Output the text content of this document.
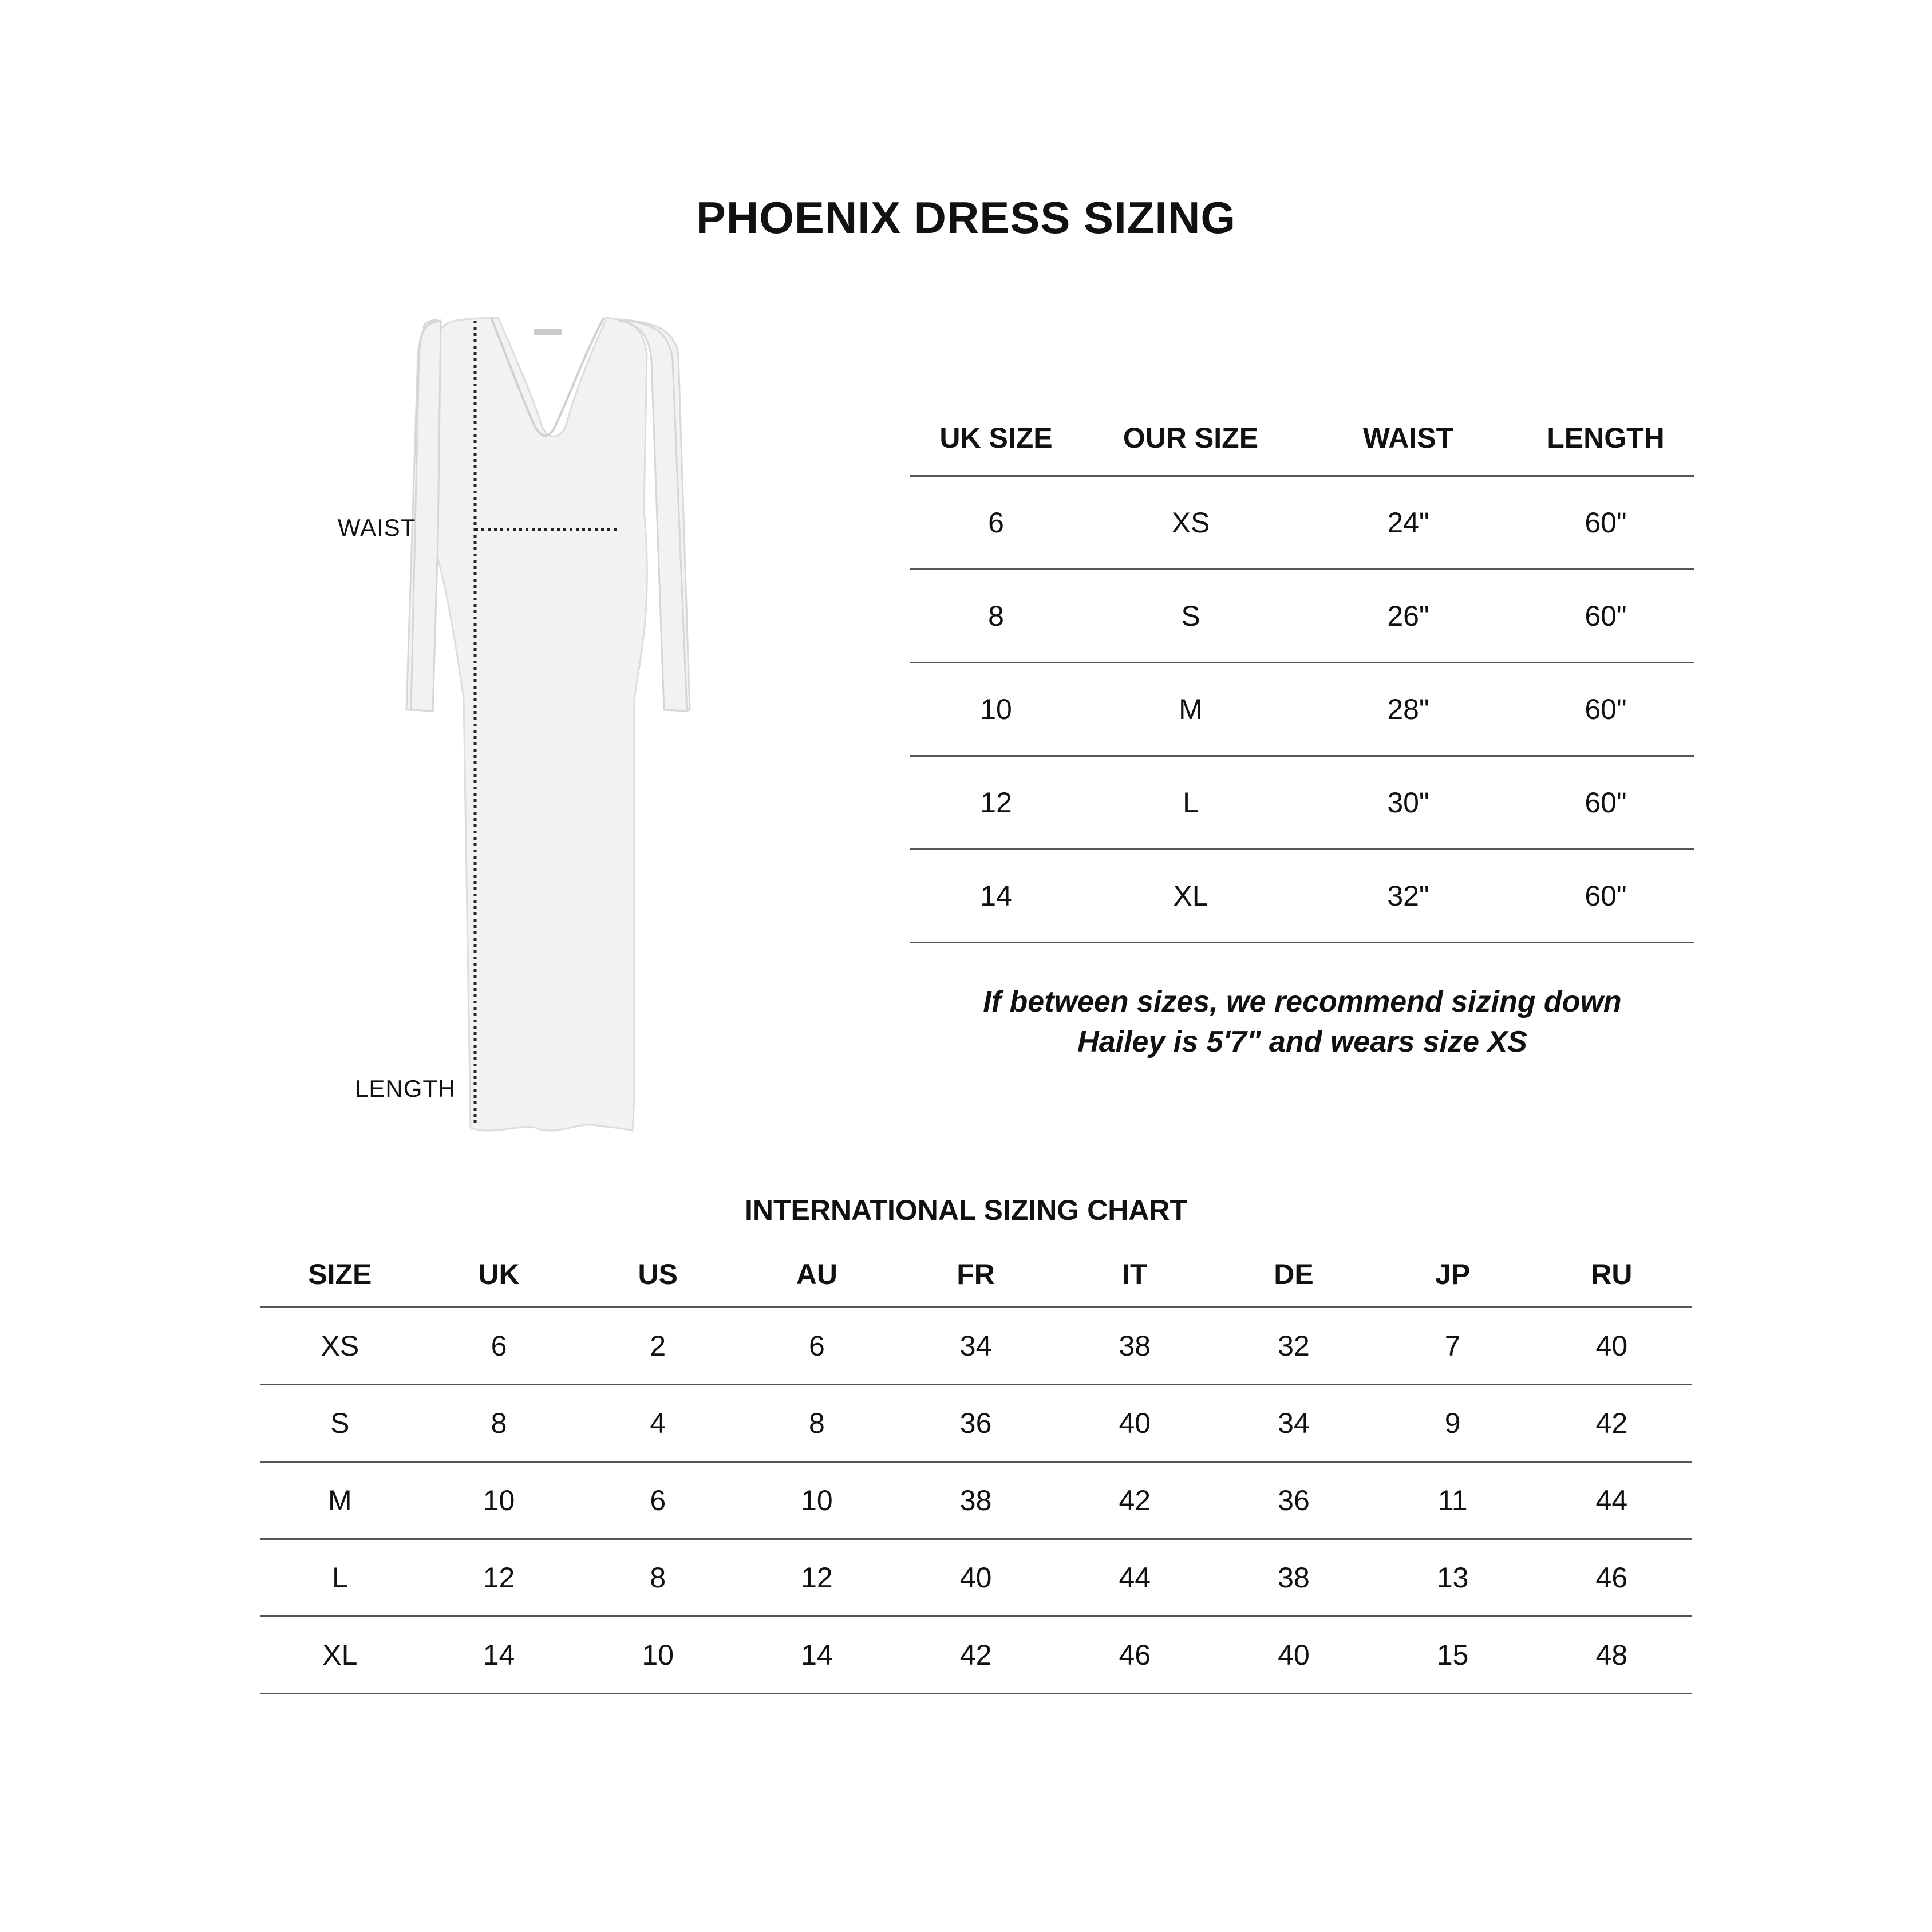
PHOENIX DRESS SIZING
WAIST
LENGTH
UK SIZE	OUR SIZE	WAIST	LENGTH
6	XS	24"	60"
8	S	26"	60"
10	M	28"	60"
12	L	30"	60"
14	XL	32"	60"
If between sizes, we recommend sizing down
Hailey is 5'7" and wears size XS
INTERNATIONAL SIZING CHART
SIZE	UK	US	AU	FR	IT	DE	JP	RU
XS	6	2	6	34	38	32	7	40
S	8	4	8	36	40	34	9	42
M	10	6	10	38	42	36	11	44
L	12	8	12	40	44	38	13	46
XL	14	10	14	42	46	40	15	48
